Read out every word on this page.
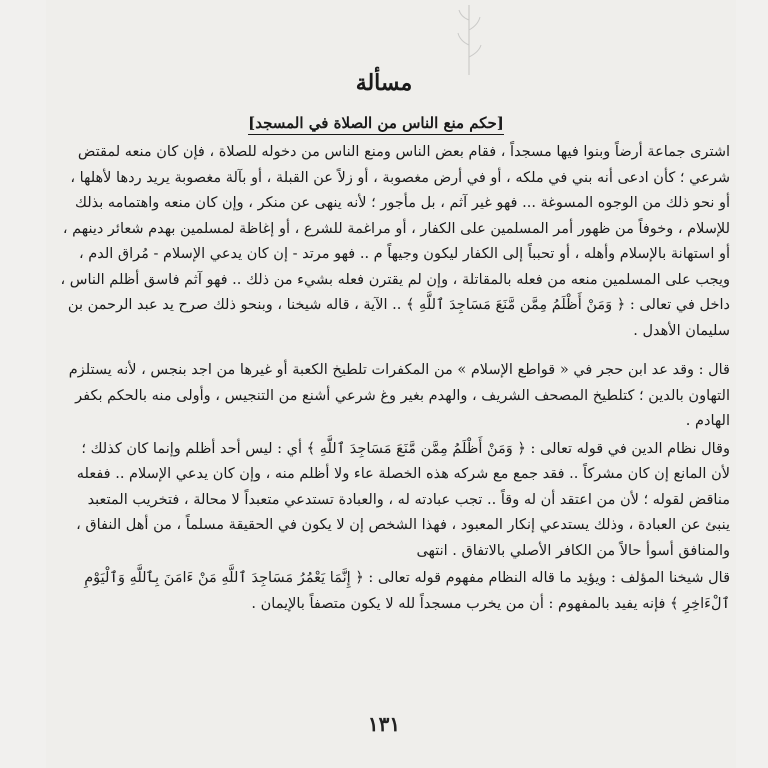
مسألة
[حكم منع الناس من الصلاة في المسجد]

اشترى جماعة أرضاً وبنوا فيها مسجداً ، فقام بعض الناس ومنع الناس من دخوله للصلاة ، فإن كان منعه لمقتض شرعي ؛ كأن ادعى أنه بني في ملكه ، أو في أرض مغصوبة ، أو زلاً عن القبلة ، أو بآلة مغصوبة يريد ردها لأهلها ، أو نحو ذلك من الوجوه المسوغة ... فهو غير آثم ، بل مأجور ؛ لأنه ينهى عن منكر ، وإن كان منعه واهتمامه بذلك للإسلام ، وخوفاً من ظهور أمر المسلمين على الكفار ، أو مراغمة للشرع ، أو إغاظة لمسلمين بهدم شعائر دينهم ، أو استهانة بالإسلام وأهله ، أو تحبباً إلى الكفار ليكون وجيهاً م .. فهو مرتد - إن كان يدعي الإسلام - مُراق الدم ، ويجب على المسلمين منعه من فعله بالمقاتلة ، وإن لم يقترن فعله بشيء من ذلك .. فهو آثم فاسق أظلم الناس ، داخل في تعالى : ﴿ وَمَنْ أَظْلَمُ مِمَّن مَّنَعَ مَسَاجِدَ ٱللَّهِ ﴾ .. الآية ، قاله شيخنا ، وبنحو ذلك صرح يد عبد الرحمن بن سليمان الأهدل .

قال : وقد عد ابن حجر في « قواطع الإسلام » من المكفرات تلطيخ الكعبة أو غيرها من اجد بنجس ، لأنه يستلزم التهاون بالدين ؛ كتلطيخ المصحف الشريف ، والهدم بغير وغ شرعي أشنع من التنجيس ، وأولى منه بالحكم بكفر الهادم .

وقال نظام الدين في قوله تعالى : ﴿ وَمَنْ أَظْلَمُ مِمَّن مَّنَعَ مَسَاجِدَ ٱللَّهِ ﴾ أي : ليس أحد أظلم وإنما كان كذلك ؛ لأن المانع إن كان مشركاً .. فقد جمع مع شركه هذه الخصلة عاء ولا أظلم منه ، وإن كان يدعي الإسلام .. ففعله مناقض لقوله ؛ لأن من اعتقد أن له وقاً .. تجب عبادته له ، والعبادة تستدعي متعبداً لا محالة ، فتخريب المتعبد ينبئ عن العبادة ، وذلك يستدعي إنكار المعبود ، فهذا الشخص إن لا يكون في الحقيقة مسلماً ، من أهل النفاق ، والمنافق أسوأ حالاً من الكافر الأصلي بالاتفاق . انتهى

قال شيخنا المؤلف : ويؤيد ما قاله النظام مفهوم قوله تعالى : ﴿ إِنَّمَا يَعْمُرُ مَسَاجِدَ ٱللَّهِ مَنْ ءَامَنَ بِٱللَّهِ وَٱلْيَوْمِ ٱلْءَاخِرِ ﴾ فإنه يفيد بالمفهوم : أن من يخرب مسجداً لله لا يكون متصفاً بالإيمان .

١٣١
